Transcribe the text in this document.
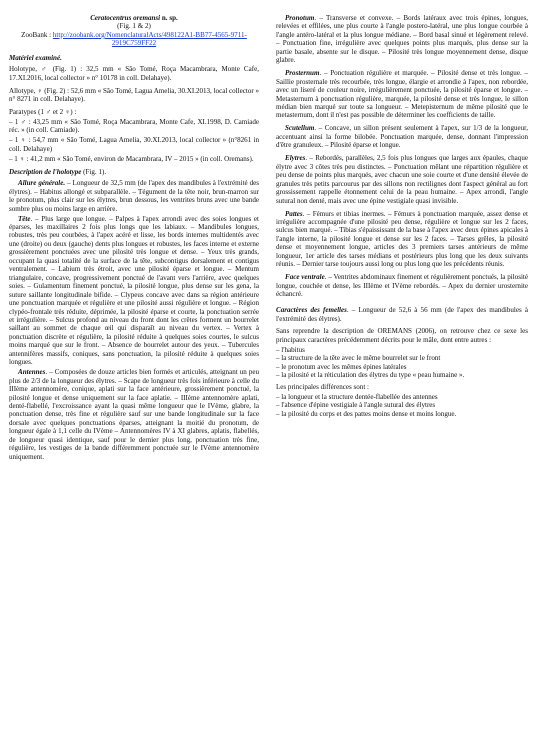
Ceratocentrus oremansi n. sp.

(Fig. 1 & 2)

ZooBank : http://zoobank.org/NomenclaturalActs/498122A1-BB77-4565-9711-2919C759FF22

Matériel examiné.

Holotype, ♂ (Fig. 1) : 32,5 mm « São Tomé, Roça Macambrara, Monte Cafe, 17.XI.2016, local collector » n° 10178 in coll. Delahaye).

Allotype, ♀ (Fig. 2) : 52,6 mm « São Tomé, Lagua Amelia, 30.XI.2013, local collector » n° 8271 in coll. Delahaye).

Paratypes (1 ♂ et 2 ♀) :

– 1 ♂ : 43,25 mm « São Tomé, Roça Macambrara, Monte Cafe, XI.1998, D. Camiade réc. » (in coll. Camiade).

– 1 ♀ : 54,7 mm « São Tomé, Lagua Amelia, 30.XI.2013, local collector » (n°8261 in coll. Delahaye)

– 1 ♀ : 41,2 mm « São Tomé, environ de Macambrara, IV – 2015 » (in coll. Oremans).

Description de l'holotype (Fig. 1).

Allure générale. – Longueur de 32,5 mm (de l'apex des mandibules à l'extrémité des élytres). – Habitus allongé et subparallèle. – Tégument de la tête noir, brun-marron sur le pronotum, plus clair sur les élytres, brun dessous, les ventrites bruns avec une bande sombre plus ou moins large en arrière.

Tête. – Plus large que longue. – Palpes à l'apex arrondi avec des soies longues et éparses, les maxillaires 2 fois plus longs que les labiaux. – Mandibules longues, robustes, très peu courbées, à l'apex acéré et lisse, les bords internes multidentés avec une (droite) ou deux (gauche) dents plus longues et robustes, les faces interne et externe grossièrement ponctuées avec une pilosité très longue et dense. – Yeux très grands, occupant la quasi totalité de la surface de la tête, subcontigus dorsalement et contigus ventralement. – Labium très étroit, avec une pilosité éparse et longue. – Mentum triangulaire, concave, progressivement ponctué de l'avant vers l'arrière, avec quelques soies. – Gulamentum finement ponctué, la pilosité longue, plus dense sur les gena, la suture saillante longitudinale bifide. – Clypeus concave avec dans sa région antérieure une ponctuation marquée et régulière et une pilosité aussi régulière et longue. – Région clypéo-frontale très réduite, déprimée, la pilosité éparse et courte, la ponctuation serrée et irrégulière. – Sulcus profond au niveau du front dont les crêtes forment un bourrelet saillant au sommet de chaque œil qui disparaît au niveau du vertex. – Vertex à ponctuation discrète et régulière, la pilosité réduite à quelques soies courtes, le sulcus moins marqué que sur le front. – Absence de bourrelet autour des yeux. – Tubercules antennifères massifs, coniques, sans ponctuation, la pilosité réduite à quelques soies longues.

Antennes. – Composées de douze articles bien formés et articulés, atteignant un peu plus de 2/3 de la longueur des élytres. – Scape de longueur très fois inférieure à celle du IIIème antennomère, conique, aplati sur la face antérieure, grossièrement ponctué, la pilosité longue et dense uniquement sur la face aplatie. – IIIème antennomère aplati, denté-flabellé, l'excroissance ayant la quasi même longueur que le IVème, glabre, la ponctuation dense, très fine et régulière sauf sur une bande longitudinale sur la face dorsale avec quelques ponctuations éparses, atteignant la moitié du pronotum, de longueur égale à 1,1 celle du IVème – Antennomères IV à XI glabres, aplatis, flabellés, de longueur quasi identique, sauf pour le dernier plus long, ponctuation très fine, régulière, les vestiges de la bande différemment ponctuée sur le IVème antennomère uniquement.

Pronotum. – Transverse et convexe. – Bords latéraux avec trois épines, longues, relevées et effilées, une plus courte à l'angle postero-latéral, une plus longue courbée à l'angle antéro-latéral et la plus longue médiane. – Bord basal sinué et légèrement relevé. – Ponctuation fine, irrégulière avec quelques points plus marqués, plus dense sur la partie basale, absente sur le disque. – Pilosité très longue moyennement dense, disque glabre.

Prosternum. – Ponctuation régulière et marquée. – Pilosité dense et très longue. – Saillie prosternale très recourbée, très longue, élargie et arrondie à l'apex, non rebordée, avec un liseré de couleur noire, irrégulièrement ponctuée, la pilosité éparse et longue. – Metasternum à ponctuation régulière, marquée, la pilosité dense et très longue, le sillon médian bien marqué sur toute sa longueur. – Metepisternum de même pilosité que le metasternum, dont il n'est pas possible de déterminer les coefficients de taille.

Scutellum. – Concave, un sillon présent seulement à l'apex, sur 1/3 de la longueur, accentuant ainsi la forme bilobée. Ponctuation marquée, dense, donnant l'impression d'être granuleux. – Pilosité éparse et longue.

Elytres. – Rebordés, parallèles, 2,5 fois plus longues que larges aux épaules, chaque élytre avec 3 côtes très peu distinctes. – Ponctuation mêlant une répartition régulière et peu dense de points plus marqués, avec chacun une soie courte et d'une densité élevée de granules très petits parcourus par des sillons non rectilignes dont l'aspect général au fort grossissement rappelle étonnement celui de la peau humaine. – Apex arrondi, l'angle sutural non denté, mais avec une épine vestigiale quasi invisible.

Pattes. – Fémurs et tibias inermes. – Fémurs à ponctuation marquée, assez dense et irrégulière accompagnée d'une pilosité peu dense, régulière et longue sur les 2 faces, sulcus bien marqué. – Tibias s'épaississant de la base à l'apex avec deux épines apicales à l'angle interne, la pilosité longue et dense sur les 2 faces. – Tarses grêles, la pilosité dense et moyennement longue, articles des 3 premiers tarses antérieurs de même longueur, 1er article des tarses médians et postérieurs plus long que les deux suivants réunis. – Dernier tarse toujours aussi long ou plus long que les précédents réunis.

Face ventrale. – Ventrites abdominaux finement et régulièrement ponctués, la pilosité longue, couchée et dense, les IIIème et IVème rebordés. – Apex du dernier urosternite échancré.

Caractères des femelles. – Longueur de 52,6 à 56 mm (de l'apex des mandibules à l'extrémité des élytres).

Sans reprendre la description de OREMANS (2006), on retrouve chez ce sexe les principaux caractères précédemment décrits pour le mâle, dont entre autres :

– l'habitus
– la structure de la tête avec le même bourrelet sur le front
– le pronotum avec les mêmes épines latérales
– la pilosité et la réticulation des élytres du type « peau humaine ».

Les principales différences sont :

– la longueur et la structure dentée-flabellée des antennes
– l'absence d'épine vestigiale à l'angle sutural des élytres
– la pilosité du corps et des pattes moins dense et moins longue.
